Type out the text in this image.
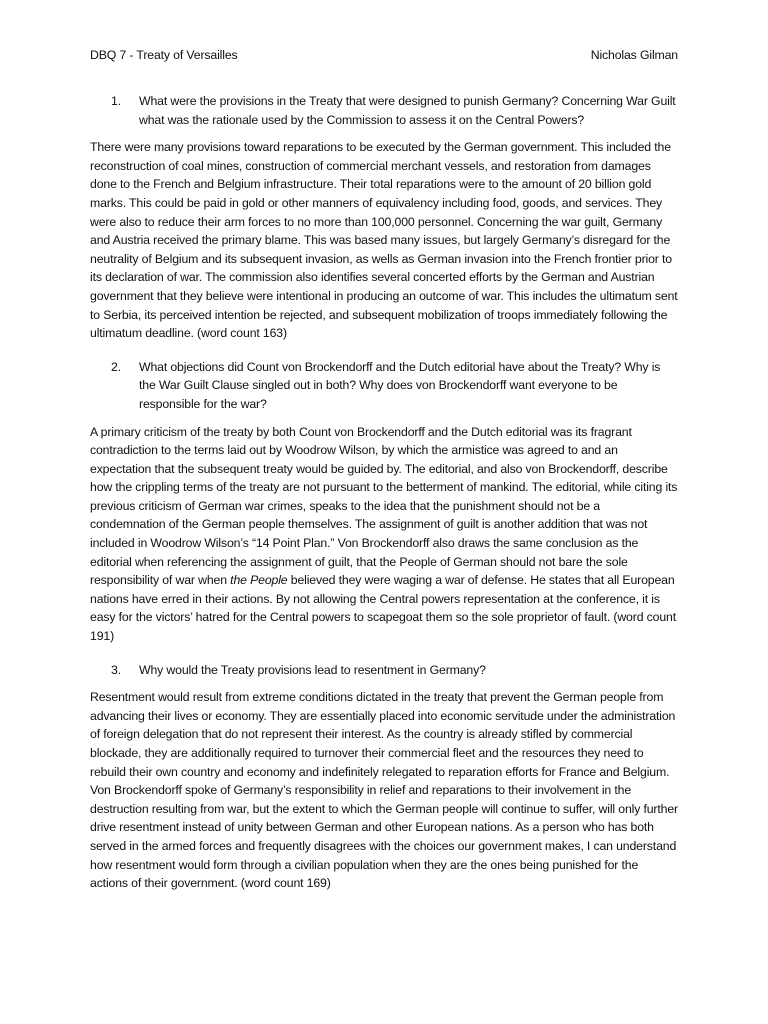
DBQ 7 - Treaty of Versailles	Nicholas Gilman
1.	What were the provisions in the Treaty that were designed to punish Germany? Concerning War Guilt what was the rationale used by the Commission to assess it on the Central Powers?

There were many provisions toward reparations to be executed by the German government. This included the reconstruction of coal mines, construction of commercial merchant vessels, and restoration from damages done to the French and Belgium infrastructure. Their total reparations were to the amount of 20 billion gold marks. This could be paid in gold or other manners of equivalency including food, goods, and services. They were also to reduce their arm forces to no more than 100,000 personnel. Concerning the war guilt, Germany and Austria received the primary blame. This was based many issues, but largely Germany’s disregard for the neutrality of Belgium and its subsequent invasion, as wells as German invasion into the French frontier prior to its declaration of war. The commission also identifies several concerted efforts by the German and Austrian government that they believe were intentional in producing an outcome of war. This includes the ultimatum sent to Serbia, its perceived intention be rejected, and subsequent mobilization of troops immediately following the ultimatum deadline. (word count 163)

2.	What objections did Count von Brockendorff and the Dutch editorial have about the Treaty? Why is the War Guilt Clause singled out in both? Why does von Brockendorff want everyone to be responsible for the war?

A primary criticism of the treaty by both Count von Brockendorff and the Dutch editorial was its fragrant contradiction to the terms laid out by Woodrow Wilson, by which the armistice was agreed to and an expectation that the subsequent treaty would be guided by. The editorial, and also von Brockendorff, describe how the crippling terms of the treaty are not pursuant to the betterment of mankind. The editorial, while citing its previous criticism of German war crimes, speaks to the idea that the punishment should not be a condemnation of the German people themselves. The assignment of guilt is another addition that was not included in Woodrow Wilson’s “14 Point Plan.” Von Brockendorff also draws the same conclusion as the editorial when referencing the assignment of guilt, that the People of German should not bare the sole responsibility of war when the People believed they were waging a war of defense. He states that all European nations have erred in their actions. By not allowing the Central powers representation at the conference, it is easy for the victors’ hatred for the Central powers to scapegoat them so the sole proprietor of fault. (word count 191)

3.	Why would the Treaty provisions lead to resentment in Germany?

Resentment would result from extreme conditions dictated in the treaty that prevent the German people from advancing their lives or economy. They are essentially placed into economic servitude under the administration of foreign delegation that do not represent their interest. As the country is already stifled by commercial blockade, they are additionally required to turnover their commercial fleet and the resources they need to rebuild their own country and economy and indefinitely relegated to reparation efforts for France and Belgium. Von Brockendorff spoke of Germany’s responsibility in relief and reparations to their involvement in the destruction resulting from war, but the extent to which the German people will continue to suffer, will only further drive resentment instead of unity between German and other European nations. As a person who has both served in the armed forces and frequently disagrees with the choices our government makes, I can understand how resentment would form through a civilian population when they are the ones being punished for the actions of their government. (word count 169)
